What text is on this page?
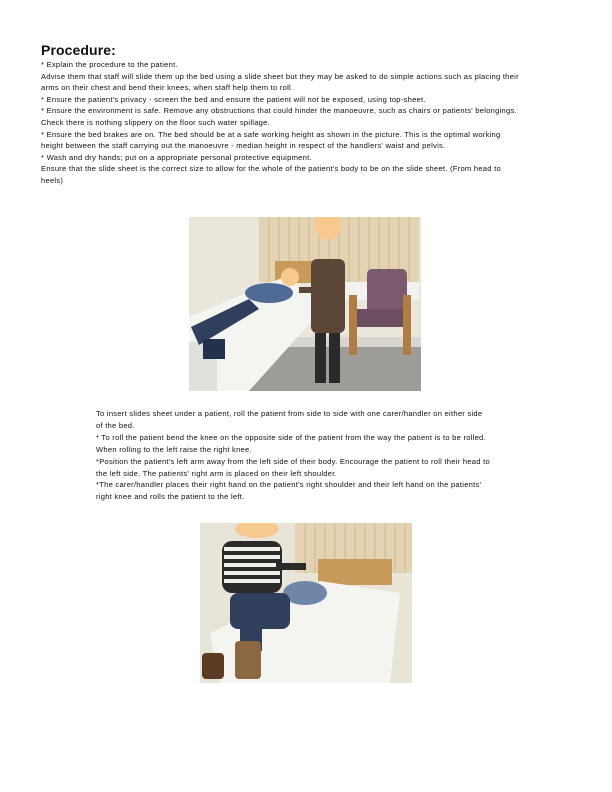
Procedure:

* Explain the procedure to the patient.

Advise them that staff will slide them up the bed using a slide sheet but they may be asked to do simple actions such as placing their arms on their chest and bend their knees, when staff help them to roll.

* Ensure the patient's privacy - screen the bed and ensure the patient will not be exposed, using top-sheet.

* Ensure the environment is safe. Remove any obstructions that could hinder the manoeuvre, such as chairs or patients' belongings. Check there is nothing slippery on the floor such water spillage.

* Ensure the bed brakes are on. The bed should be at a safe working height as shown in the picture. This is the optimal working height between the staff carrying out the manoeuvre - median height in respect of the handlers' waist and pelvis.

* Wash and dry hands; put on a appropriate personal protective equipment.

Ensure that the slide sheet is the correct size to allow for the whole of the patient's body to be on the slide sheet. (From head to heels)

To insert slides sheet under a patient, roll the patient from side to side with one carer/handler on either side of the bed.

* To roll the patient bend the knee on the opposite side of the patient from the way the patient is to be rolled. When rolling to the left raise the right knee.

*Position the patient's left arm away from the left side of their body. Encourage the patient to roll their head to the left side. The patients' right arm is placed on their left shoulder.

*The carer/handler places their right hand on the patient's right shoulder and their left hand on the patients' right knee and rolls the patient to the left.
